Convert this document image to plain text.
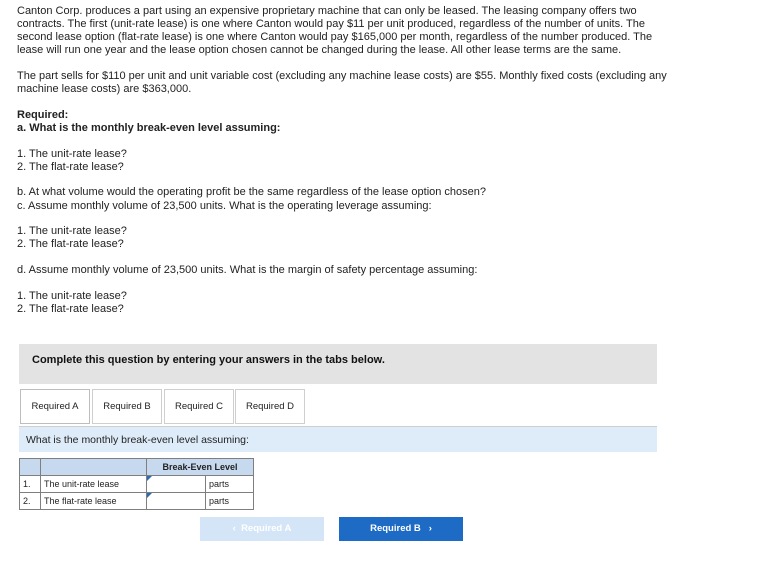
Canton Corp. produces a part using an expensive proprietary machine that can only be leased. The leasing company offers two
contracts. The first (unit-rate lease) is one where Canton would pay $11 per unit produced, regardless of the number of units. The
second lease option (flat-rate lease) is one where Canton would pay $165,000 per month, regardless of the number produced. The
lease will run one year and the lease option chosen cannot be changed during the lease. All other lease terms are the same.
The part sells for $110 per unit and unit variable cost (excluding any machine lease costs) are $55. Monthly fixed costs (excluding any
machine lease costs) are $363,000.
Required:
a. What is the monthly break-even level assuming:
1. The unit-rate lease?
2. The flat-rate lease?
b. At what volume would the operating profit be the same regardless of the lease option chosen?
c. Assume monthly volume of 23,500 units. What is the operating leverage assuming:
1. The unit-rate lease?
2. The flat-rate lease?
d. Assume monthly volume of 23,500 units. What is the margin of safety percentage assuming:
1. The unit-rate lease?
2. The flat-rate lease?
Complete this question by entering your answers in the tabs below.
Required A	Required B	Required C	Required D
What is the monthly break-even level assuming:
		Break-Even Level	
1.	The unit-rate lease		parts
2.	The flat-rate lease		parts
‹ Required A	Required B ›
